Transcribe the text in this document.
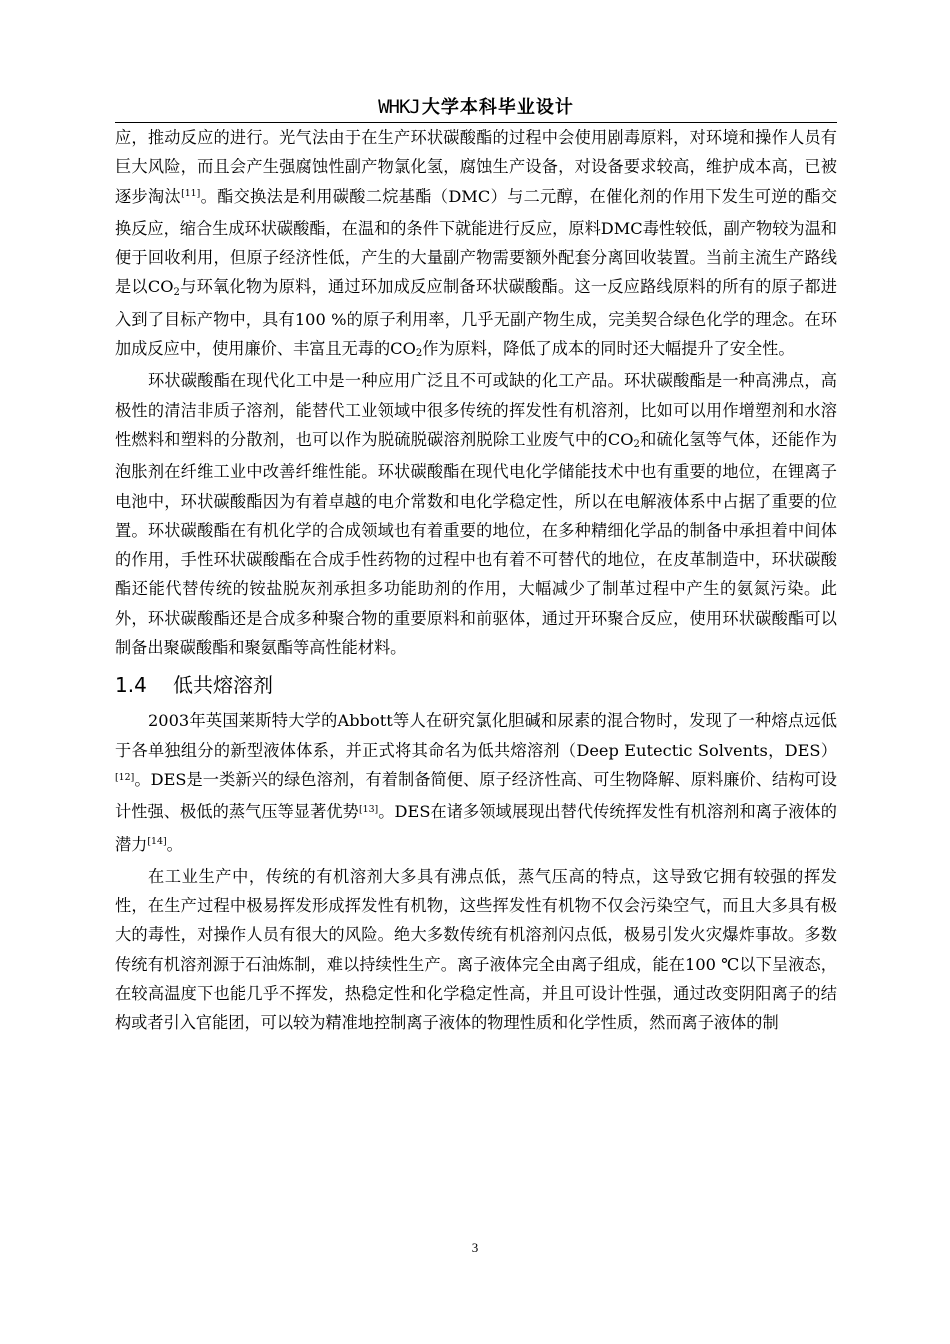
WHKJ 大学本科毕业设计

应，推动反应的进行。光气法由于在生产环状碳酸酯的过程中会使用剧毒原料，对环境和操作人员有巨大风险，而且会产生强腐蚀性副产物氯化氢，腐蚀生产设备，对设备要求较高，维护成本高，已被逐步淘汰[11]。酯交换法是利用碳酸二烷基酯（DMC）与二元醇，在催化剂的作用下发生可逆的酯交换反应，缩合生成环状碳酸酯，在温和的条件下就能进行反应，原料DMC毒性较低，副产物较为温和便于回收利用，但原子经济性低，产生的大量副产物需要额外配套分离回收装置。当前主流生产路线是以CO2与环氧化物为原料，通过环加成反应制备环状碳酸酯。这一反应路线原料的所有的原子都进入到了目标产物中，具有100 %的原子利用率，几乎无副产物生成，完美契合绿色化学的理念。在环加成反应中，使用廉价、丰富且无毒的CO2作为原料，降低了成本的同时还大幅提升了安全性。

环状碳酸酯在现代化工中是一种应用广泛且不可或缺的化工产品。环状碳酸酯是一种高沸点，高极性的清洁非质子溶剂，能替代工业领域中很多传统的挥发性有机溶剂，比如可以用作增塑剂和水溶性燃料和塑料的分散剂，也可以作为脱硫脱碳溶剂脱除工业废气中的CO2和硫化氢等气体，还能作为泡胀剂在纤维工业中改善纤维性能。环状碳酸酯在现代电化学储能技术中也有重要的地位，在锂离子电池中，环状碳酸酯因为有着卓越的电介常数和电化学稳定性，所以在电解液体系中占据了重要的位置。环状碳酸酯在有机化学的合成领域也有着重要的地位，在多种精细化学品的制备中承担着中间体的作用，手性环状碳酸酯在合成手性药物的过程中也有着不可替代的地位，在皮革制造中，环状碳酸酯还能代替传统的铵盐脱灰剂承担多功能助剂的作用，大幅减少了制革过程中产生的氨氮污染。此外，环状碳酸酯还是合成多种聚合物的重要原料和前驱体，通过开环聚合反应，使用环状碳酸酯可以制备出聚碳酸酯和聚氨酯等高性能材料。

1.4 低共熔溶剂

2003年英国莱斯特大学的Abbott等人在研究氯化胆碱和尿素的混合物时，发现了一种熔点远低于各单独组分的新型液体体系，并正式将其命名为低共熔溶剂（Deep Eutectic Solvents，DES）[12]。DES是一类新兴的绿色溶剂，有着制备简便、原子经济性高、可生物降解、原料廉价、结构可设计性强、极低的蒸气压等显著优势[13]。DES在诸多领域展现出替代传统挥发性有机溶剂和离子液体的潜力[14]。

在工业生产中，传统的有机溶剂大多具有沸点低，蒸气压高的特点，这导致它拥有较强的挥发性，在生产过程中极易挥发形成挥发性有机物，这些挥发性有机物不仅会污染空气，而且大多具有极大的毒性，对操作人员有很大的风险。绝大多数传统有机溶剂闪点低，极易引发火灾爆炸事故。多数传统有机溶剂源于石油炼制，难以持续性生产。离子液体完全由离子组成，能在100 ℃以下呈液态，在较高温度下也能几乎不挥发，热稳定性和化学稳定性高，并且可设计性强，通过改变阴阳离子的结构或者引入官能团，可以较为精准地控制离子液体的物理性质和化学性质，然而离子液体的制

3
